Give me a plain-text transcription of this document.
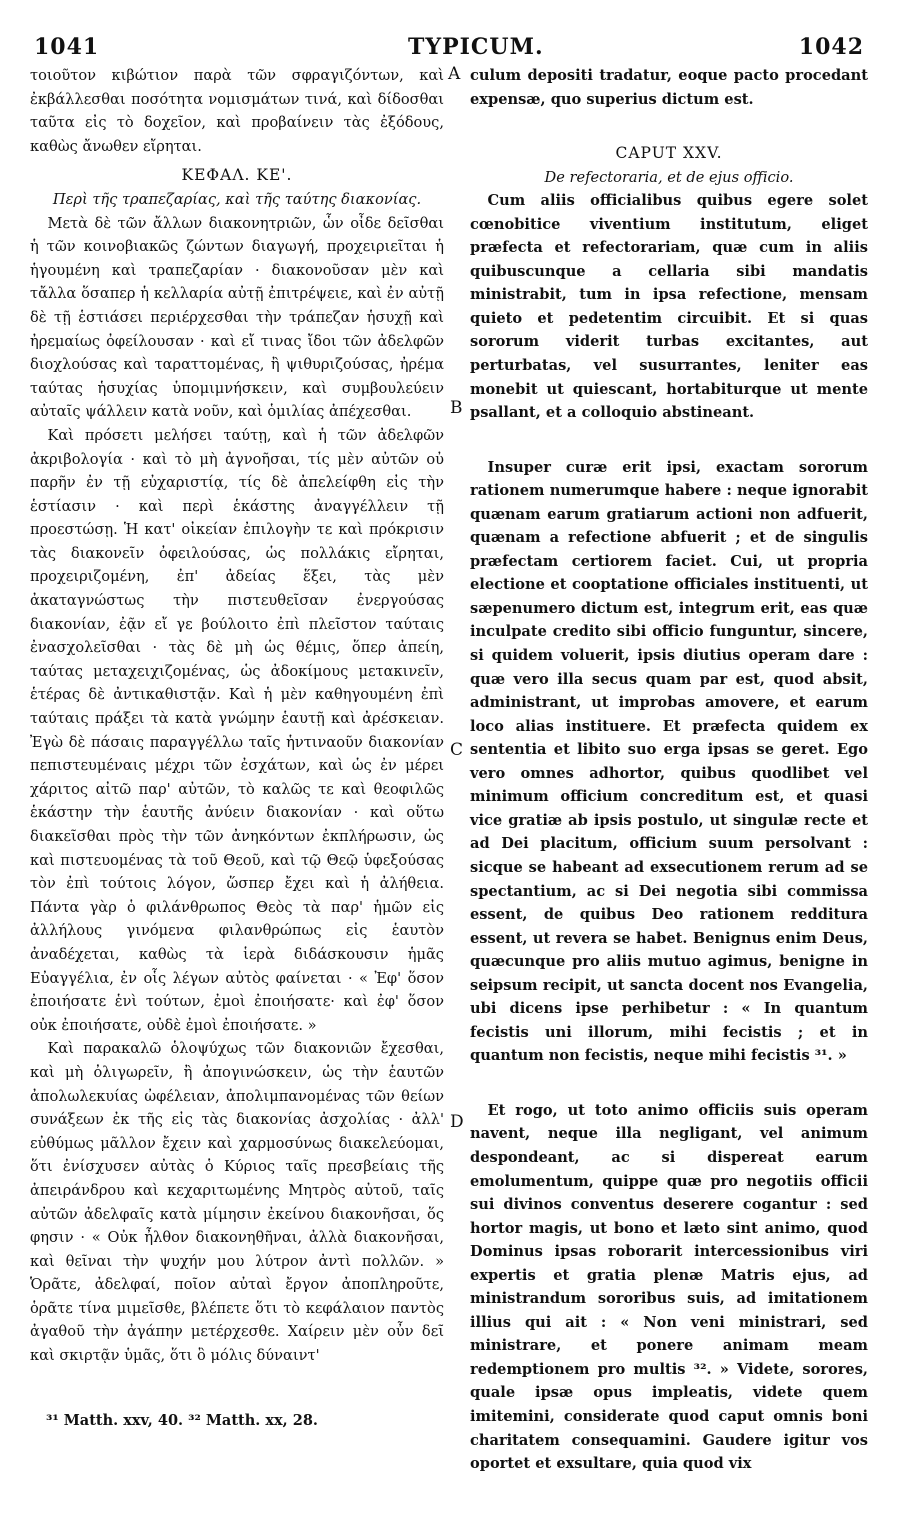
1041	TYPICUM.	1042
A
B
C
D

τοιοῦτον κιβώτιον παρὰ τῶν σφραγιζόντων, καὶ ἐκβάλλεσθαι ποσότητα νομισμάτων τινά, καὶ δίδοσθαι ταῦτα εἰς τὸ δοχεῖον, καὶ προβαίνειν τὰς ἐξόδους, καθὼς ἄνωθεν εἴρηται.

ΚΕΦΑΛ. ΚΕ'.
Περὶ τῆς τραπεζαρίας, καὶ τῆς ταύτης διακονίας.

Μετὰ δὲ τῶν ἄλλων διακονητριῶν, ὧν οἶδε δεῖσθαι ἡ τῶν κοινοβιακῶς ζώντων διαγωγή, προχειριεῖται ἡ ἡγουμένη καὶ τραπεζαρίαν · διακονοῦσαν μὲν καὶ τἄλλα ὅσαπερ ἡ κελλαρία αὐτῇ ἐπιτρέψειε, καὶ ἐν αὐτῇ δὲ τῇ ἑστιάσει περιέρχεσθαι τὴν τράπεζαν ἡσυχῇ καὶ ἠρεμαίως ὀφείλουσαν · καὶ εἴ τινας ἴδοι τῶν ἀδελφῶν διοχλούσας καὶ ταραττομένας, ἢ ψιθυριζούσας, ἠρέμα ταύτας ἡσυχίας ὑπομιμνήσκειν, καὶ συμβουλεύειν αὐταῖς ψάλλειν κατὰ νοῦν, καὶ ὁμιλίας ἀπέχεσθαι.

Καὶ πρόσετι μελήσει ταύτῃ, καὶ ἡ τῶν ἀδελφῶν ἀκριβολογία · καὶ τὸ μὴ ἀγνοῆσαι, τίς μὲν αὐτῶν οὐ παρῆν ἐν τῇ εὐχαριστίᾳ, τίς δὲ ἀπελείφθη εἰς τὴν ἑστίασιν · καὶ περὶ ἑκάστης ἀναγγέλλειν τῇ προεστώσῃ. Ἡ κατ' οἰκείαν ἐπιλογὴν τε καὶ πρόκρισιν τὰς διακονεῖν ὀφειλούσας, ὡς πολλάκις εἴρηται, προχειριζομένη, ἐπ' ἀδείας ἕξει, τὰς μὲν ἀκαταγνώστως τὴν πιστευθεῖσαν ἐνεργούσας διακονίαν, ἐᾷν εἴ γε βούλοιτο ἐπὶ πλεῖστον ταύταις ἐνασχολεῖσθαι · τὰς δὲ μὴ ὡς θέμις, ὅπερ ἀπείη, ταύτας μεταχειχιζομένας, ὡς ἀδοκίμους μετακινεῖν, ἑτέρας δὲ ἀντικαθιστᾷν. Καὶ ἡ μὲν καθηγουμένη ἐπὶ ταύταις πράξει τὰ κατὰ γνώμην ἑαυτῇ καὶ ἀρέσκειαν. Ἐγὼ δὲ πάσαις παραγγέλλω ταῖς ἡντιναοῦν διακονίαν πεπιστευμέναις μέχρι τῶν ἐσχάτων, καὶ ὡς ἐν μέρει χάριτος αἰτῶ παρ' αὐτῶν, τὸ καλῶς τε καὶ θεοφιλῶς ἑκάστην τὴν ἑαυτῆς ἀνύειν διακονίαν · καὶ οὕτω διακεῖσθαι πρὸς τὴν τῶν ἀνηκόντων ἐκπλήρωσιν, ὡς καὶ πιστευομένας τὰ τοῦ Θεοῦ, καὶ τῷ Θεῷ ὑφεξούσας τὸν ἐπὶ τούτοις λόγον, ὥσπερ ἔχει καὶ ἡ ἀλήθεια. Πάντα γὰρ ὁ φιλάνθρωπος Θεὸς τὰ παρ' ἡμῶν εἰς ἀλλήλους γινόμενα φιλανθρώπως εἰς ἑαυτὸν ἀναδέχεται, καθὼς τὰ ἱερὰ διδάσκουσιν ἡμᾶς Εὐαγγέλια, ἐν οἷς λέγων αὐτὸς φαίνεται · « Ἐφ' ὅσον ἐποιήσατε ἑνὶ τούτων, ἐμοὶ ἐποιήσατε· καὶ ἐφ' ὅσον οὐκ ἐποιήσατε, οὐδὲ ἐμοὶ ἐποιήσατε. »

Καὶ παρακαλῶ ὁλοψύχως τῶν διακονιῶν ἔχεσθαι, καὶ μὴ ὀλιγωρεῖν, ἢ ἀπογινώσκειν, ὡς τὴν ἑαυτῶν ἀπολωλεκυίας ὠφέλειαν, ἀπολιμπανομένας τῶν θείων συνάξεων ἐκ τῆς εἰς τὰς διακονίας ἀσχολίας · ἀλλ' εὐθύμως μᾶλλον ἔχειν καὶ χαρμοσύνως διακελεύομαι, ὅτι ἐνίσχυσεν αὐτὰς ὁ Κύριος ταῖς πρεσβείαις τῆς ἀπειράνδρου καὶ κεχαριτωμένης Μητρὸς αὐτοῦ, ταῖς αὐτῶν ἀδελφαῖς κατὰ μίμησιν ἐκείνου διακονῆσαι, ὅς φησιν · « Οὐκ ἦλθον διακονηθῆναι, ἀλλὰ διακονῆσαι, καὶ θεῖναι τὴν ψυχήν μου λύτρον ἀντὶ πολλῶν. » Ὁρᾶτε, ἀδελφαί, ποῖον αὐταὶ ἔργον ἀποπληροῦτε, ὁρᾶτε τίνα μιμεῖσθε, βλέπετε ὅτι τὸ κεφάλαιον παντὸς ἀγαθοῦ τὴν ἀγάπην μετέρχεσθε. Χαίρειν μὲν οὖν δεῖ καὶ σκιρτᾷν ὑμᾶς, ὅτι ὃ μόλις δύναιντ'

culum depositi tradatur, eoque pacto procedant expensæ, quo superius dictum est.

CAPUT XXV.
De refectoraria, et de ejus officio.

Cum aliis officialibus quibus egere solet cœnobitice viventium institutum, eliget præfecta et refectorariam, quæ cum in aliis quibuscunque a cellaria sibi mandatis ministrabit, tum in ipsa refectione, mensam quieto et pedetentim circuibit. Et si quas sororum viderit turbas excitantes, aut perturbatas, vel susurrantes, leniter eas monebit ut quiescant, hortabiturque ut mente psallant, et a colloquio abstineant.

Insuper curæ erit ipsi, exactam sororum rationem numerumque habere : neque ignorabit quænam earum gratiarum actioni non adfuerit, quænam a refectione abfuerit ; et de singulis præfectam certiorem faciet. Cui, ut propria electione et cooptatione officiales instituenti, ut sæpenumero dictum est, integrum erit, eas quæ inculpate credito sibi officio funguntur, sincere, si quidem voluerit, ipsis diutius operam dare : quæ vero illa secus quam par est, quod absit, administrant, ut improbas amovere, et earum loco alias instituere. Et præfecta quidem ex sententia et libito suo erga ipsas se geret. Ego vero omnes adhortor, quibus quodlibet vel minimum officium concreditum est, et quasi vice gratiæ ab ipsis postulo, ut singulæ recte et ad Dei placitum, officium suum persolvant : sicque se habeant ad exsecutionem rerum ad se spectantium, ac si Dei negotia sibi commissa essent, de quibus Deo rationem redditura essent, ut revera se habet. Benignus enim Deus, quæcunque pro aliis mutuo agimus, benigne in seipsum recipit, ut sancta docent nos Evangelia, ubi dicens ipse perhibetur : « In quantum fecistis uni illorum, mihi fecistis ; et in quantum non fecistis, neque mihi fecistis ³¹. »

Et rogo, ut toto animo officiis suis operam navent, neque illa negligant, vel animum despondeant, ac si dispereat earum emolumentum, quippe quæ pro negotiis officii sui divinos conventus deserere cogantur : sed hortor magis, ut bono et læto sint animo, quod Dominus ipsas roborarit intercessionibus viri expertis et gratia plenæ Matris ejus, ad ministrandum sororibus suis, ad imitationem illius qui ait : « Non veni ministrari, sed ministrare, et ponere animam meam redemptionem pro multis ³². » Videte, sorores, quale ipsæ opus impleatis, videte quem imitemini, considerate quod caput omnis boni charitatem consequamini. Gaudere igitur vos oportet et exsultare, quia quod vix

³¹ Matth. xxv, 40. ³² Matth. xx, 28.
